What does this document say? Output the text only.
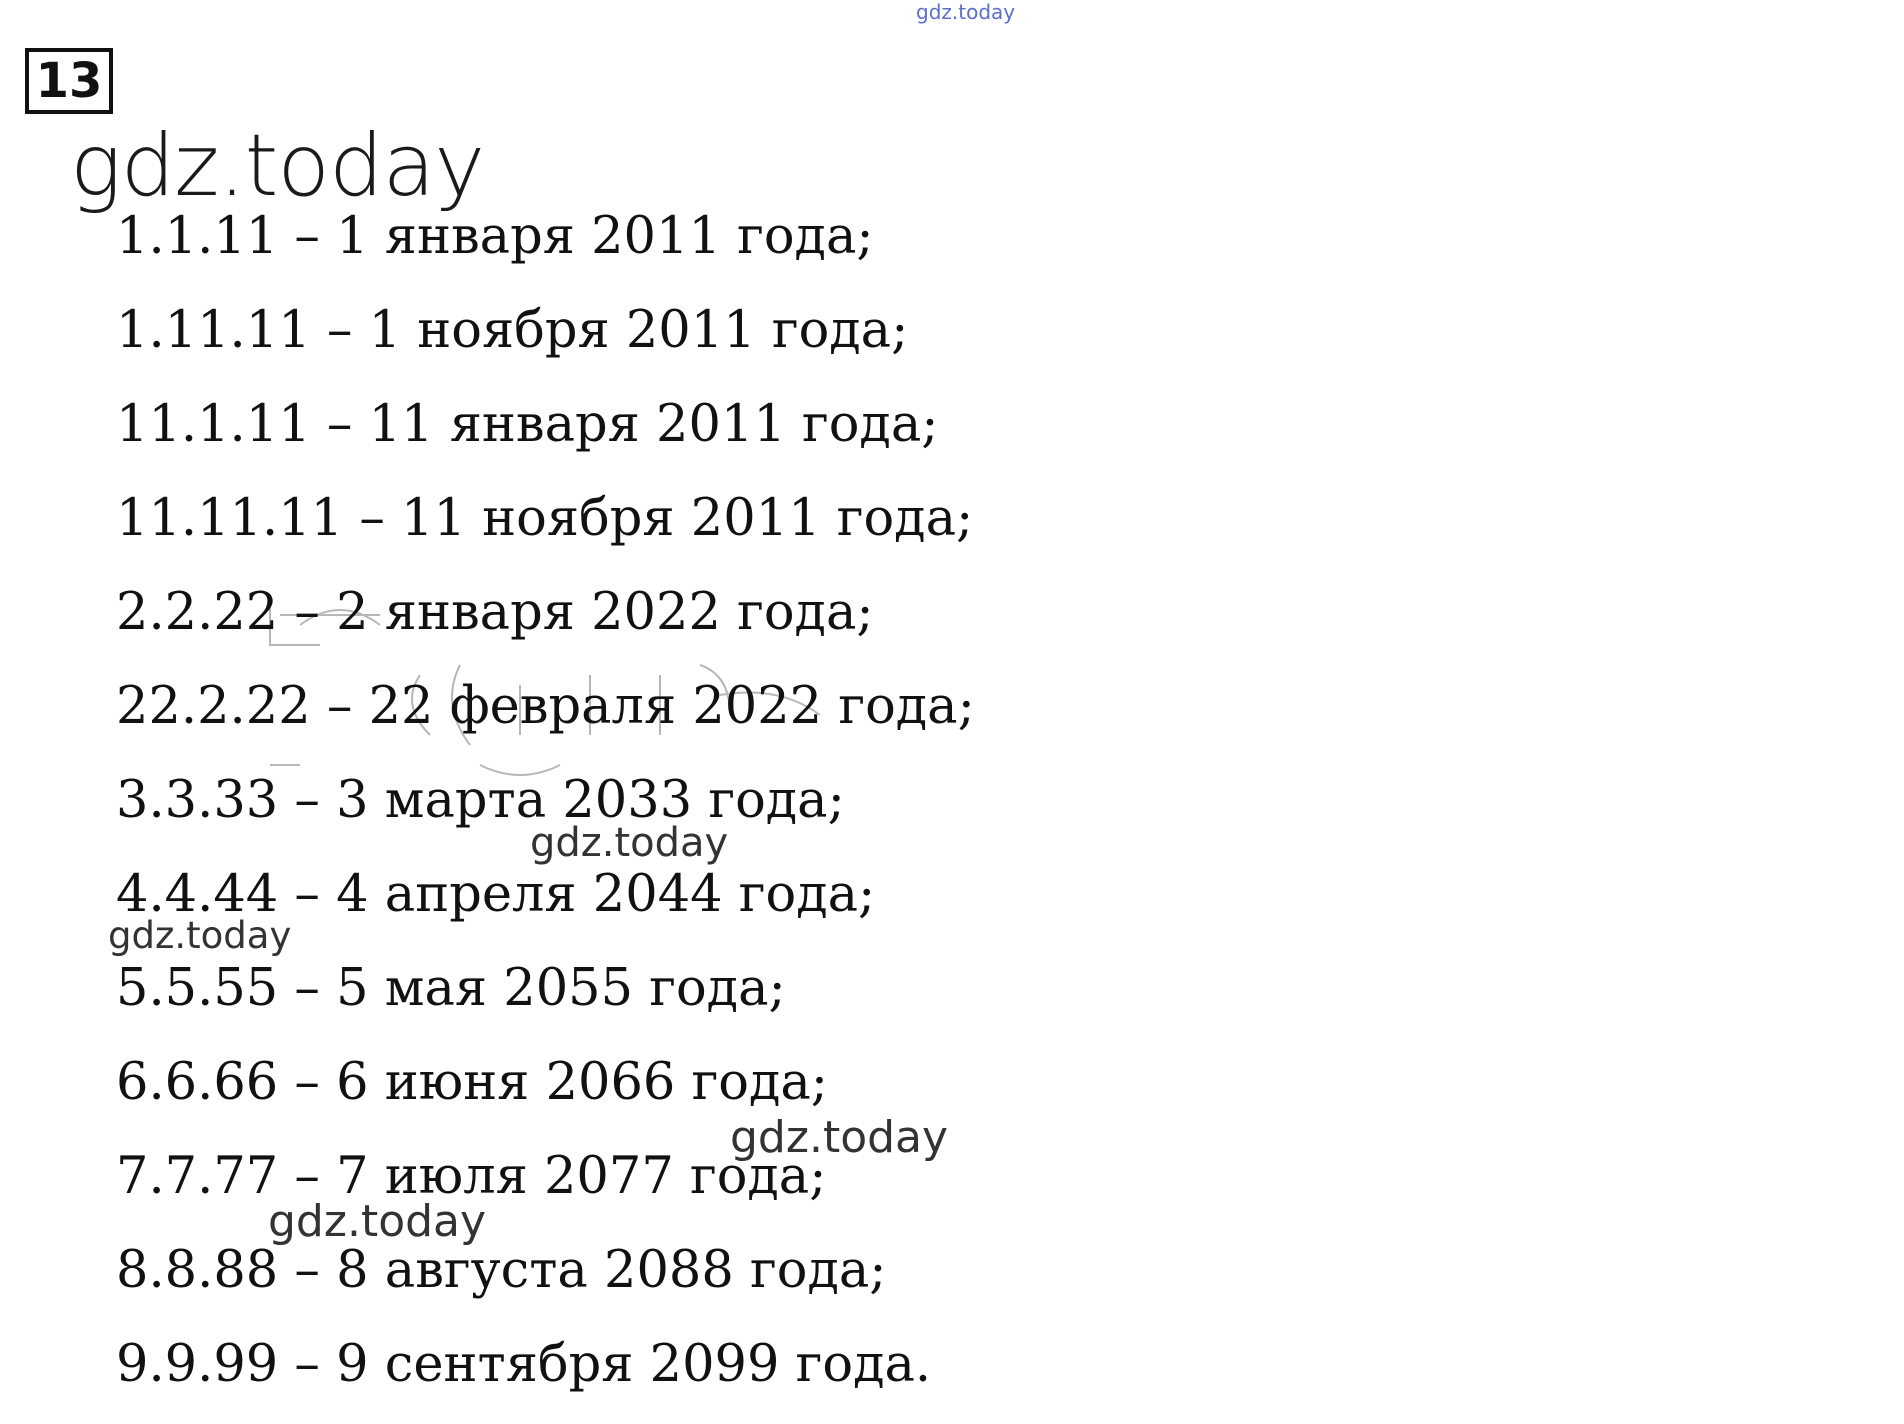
gdz.today
13
gdz.today
1.1.11 – 1 января 2011 года;
1.11.11 – 1 ноября 2011 года;
11.1.11 – 11 января 2011 года;
11.11.11 – 11 ноября 2011 года;
2.2.22 – 2 января 2022 года;
22.2.22 – 22 февраля 2022 года;
3.3.33 – 3 марта 2033 года;
4.4.44 – 4 апреля 2044 года;
5.5.55 – 5 мая 2055 года;
6.6.66 – 6 июня 2066 года;
7.7.77 – 7 июля 2077 года;
8.8.88 – 8 августа 2088 года;
9.9.99 – 9 сентября 2099 года.
gdz.today
gdz.today
gdz.today
gdz.today
